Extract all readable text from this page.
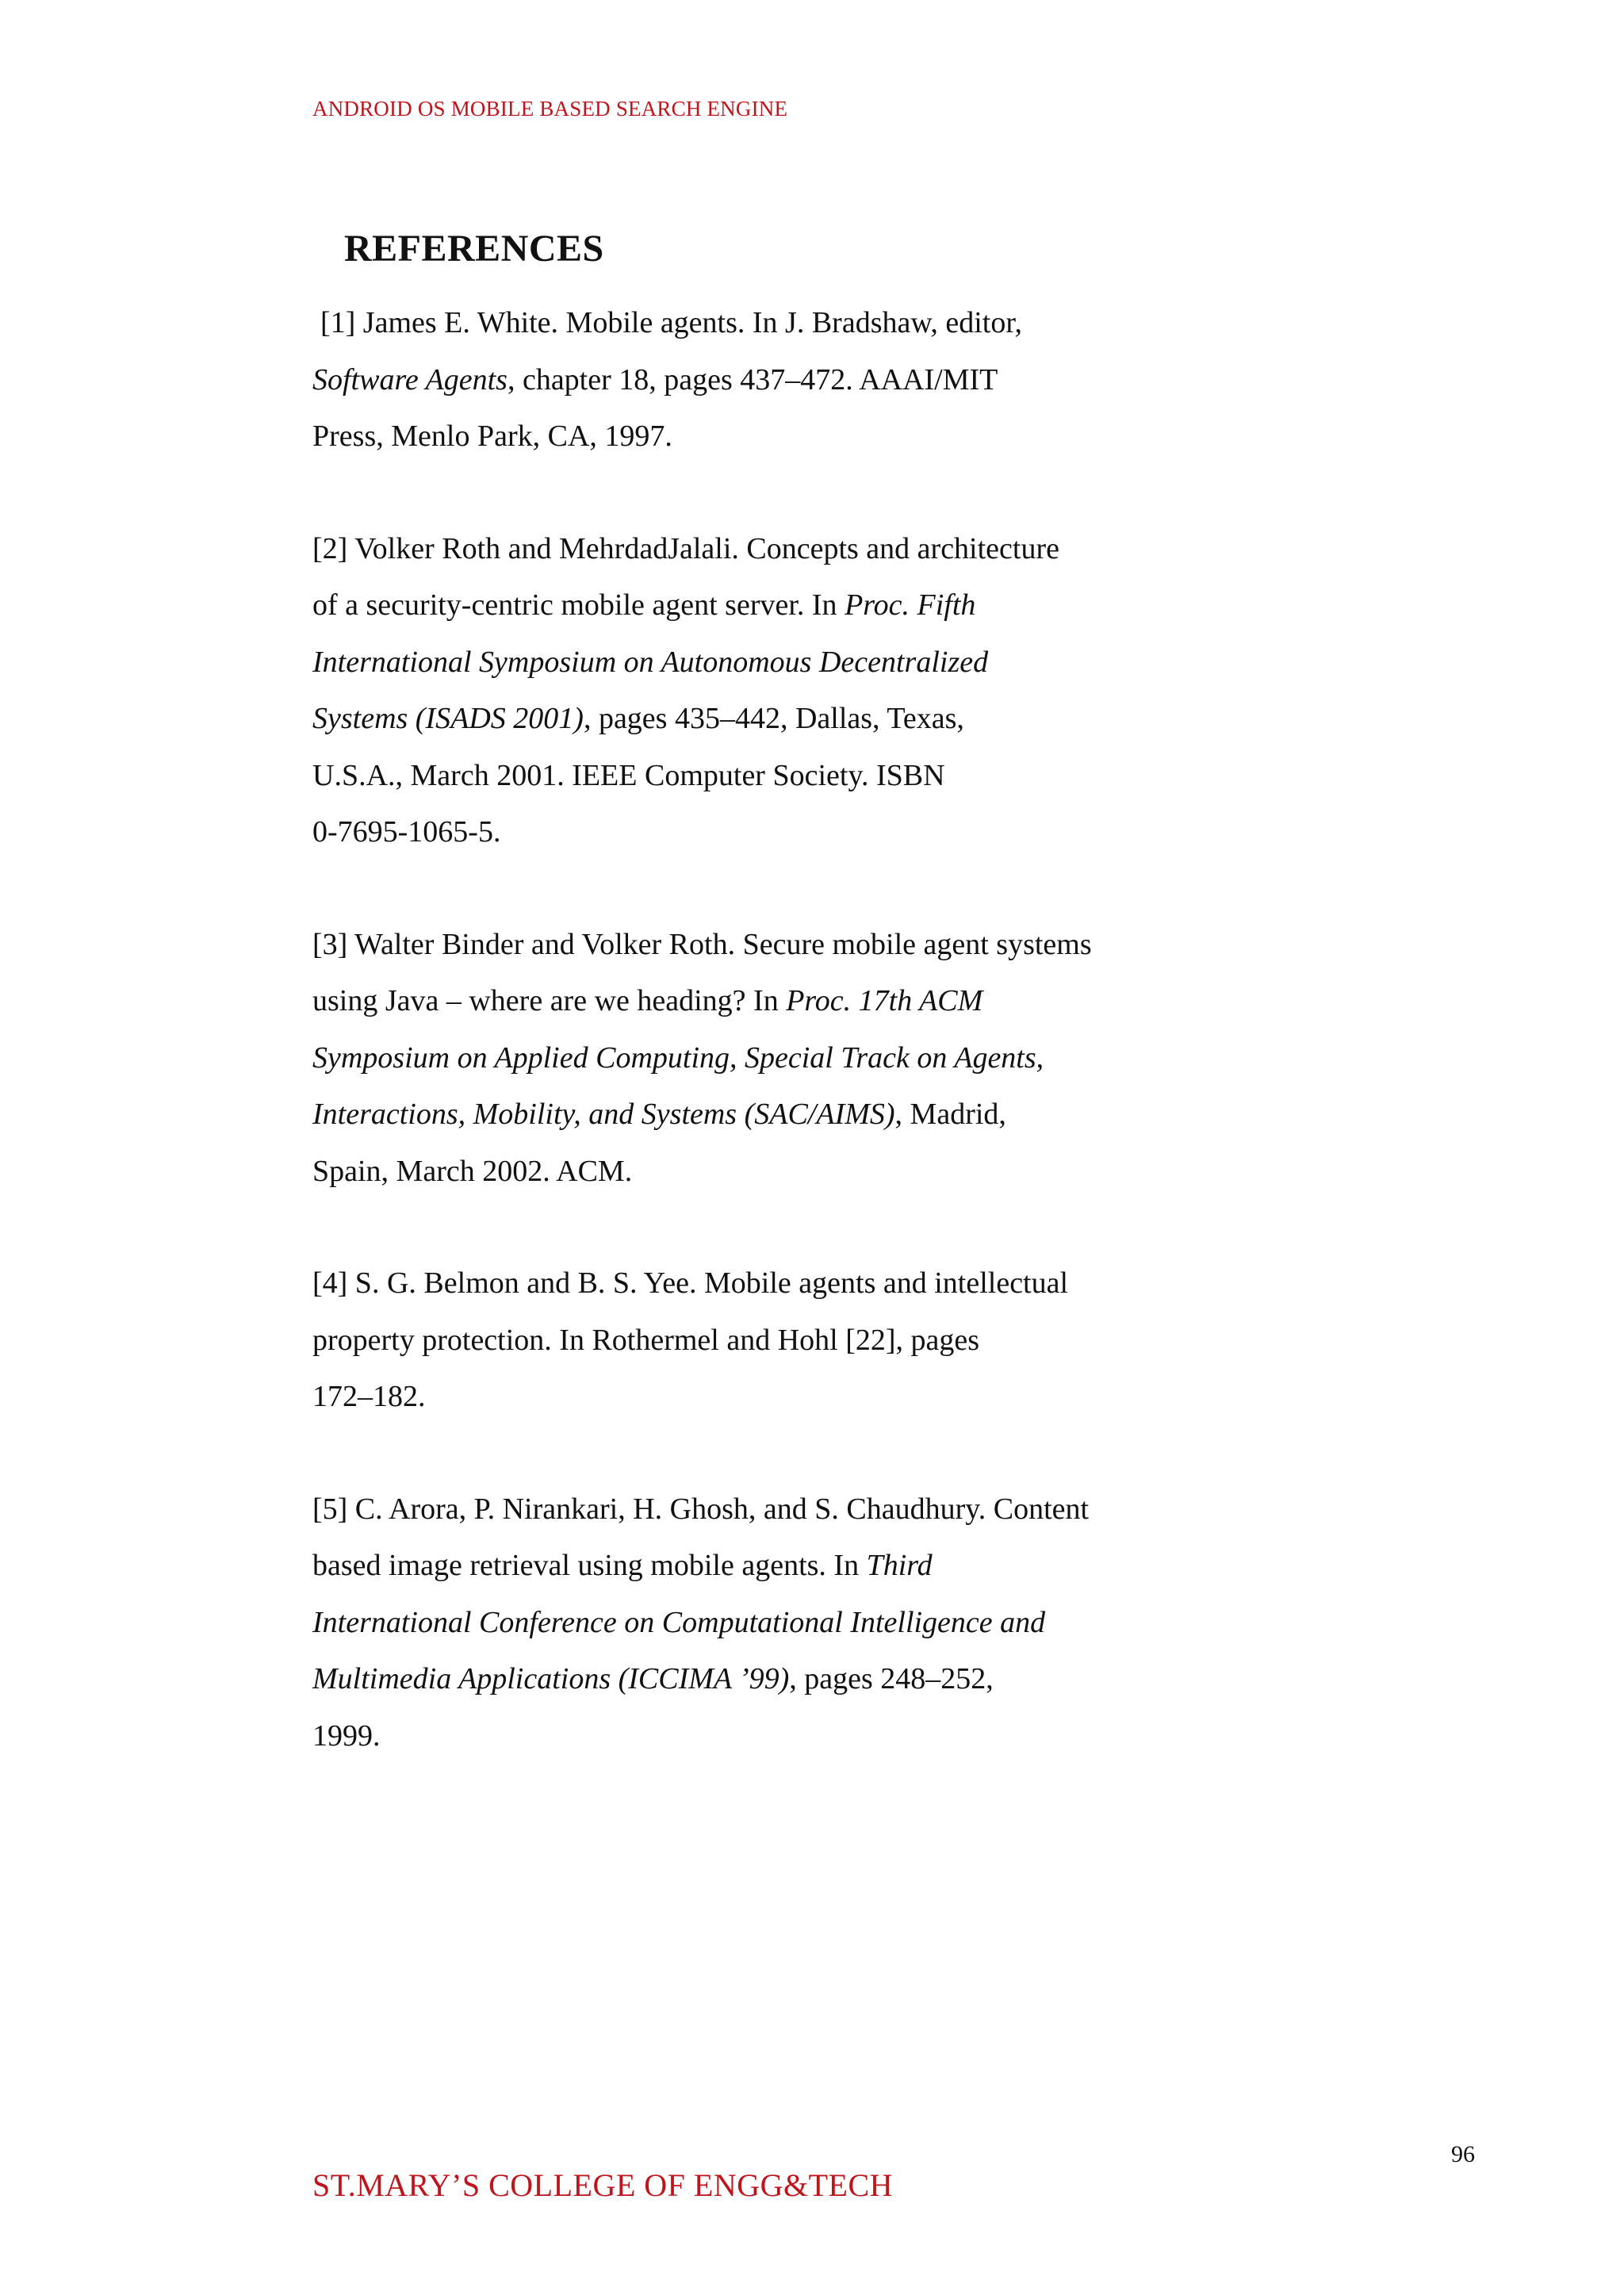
ANDROID OS MOBILE BASED SEARCH ENGINE
REFERENCES
[1] James E. White. Mobile agents. In J. Bradshaw, editor,
Software Agents, chapter 18, pages 437–472. AAAI/MIT
Press, Menlo Park, CA, 1997.
[2] Volker Roth and MehrdadJalali. Concepts and architecture
of a security-centric mobile agent server. In Proc. Fifth
International Symposium on Autonomous Decentralized
Systems (ISADS 2001), pages 435–442, Dallas, Texas,
U.S.A., March 2001. IEEE Computer Society. ISBN
0-7695-1065-5.
[3] Walter Binder and Volker Roth. Secure mobile agent systems
using Java – where are we heading? In Proc. 17th ACM
Symposium on Applied Computing, Special Track on Agents,
Interactions, Mobility, and Systems (SAC/AIMS), Madrid,
Spain, March 2002. ACM.
[4] S. G. Belmon and B. S. Yee. Mobile agents and intellectual
property protection. In Rothermel and Hohl [22], pages
172–182.
[5] C. Arora, P. Nirankari, H. Ghosh, and S. Chaudhury. Content
based image retrieval using mobile agents. In Third
International Conference on Computational Intelligence and
Multimedia Applications (ICCIMA ’99), pages 248–252,
1999.
96
ST.MARY’S COLLEGE OF ENGG&TECH
